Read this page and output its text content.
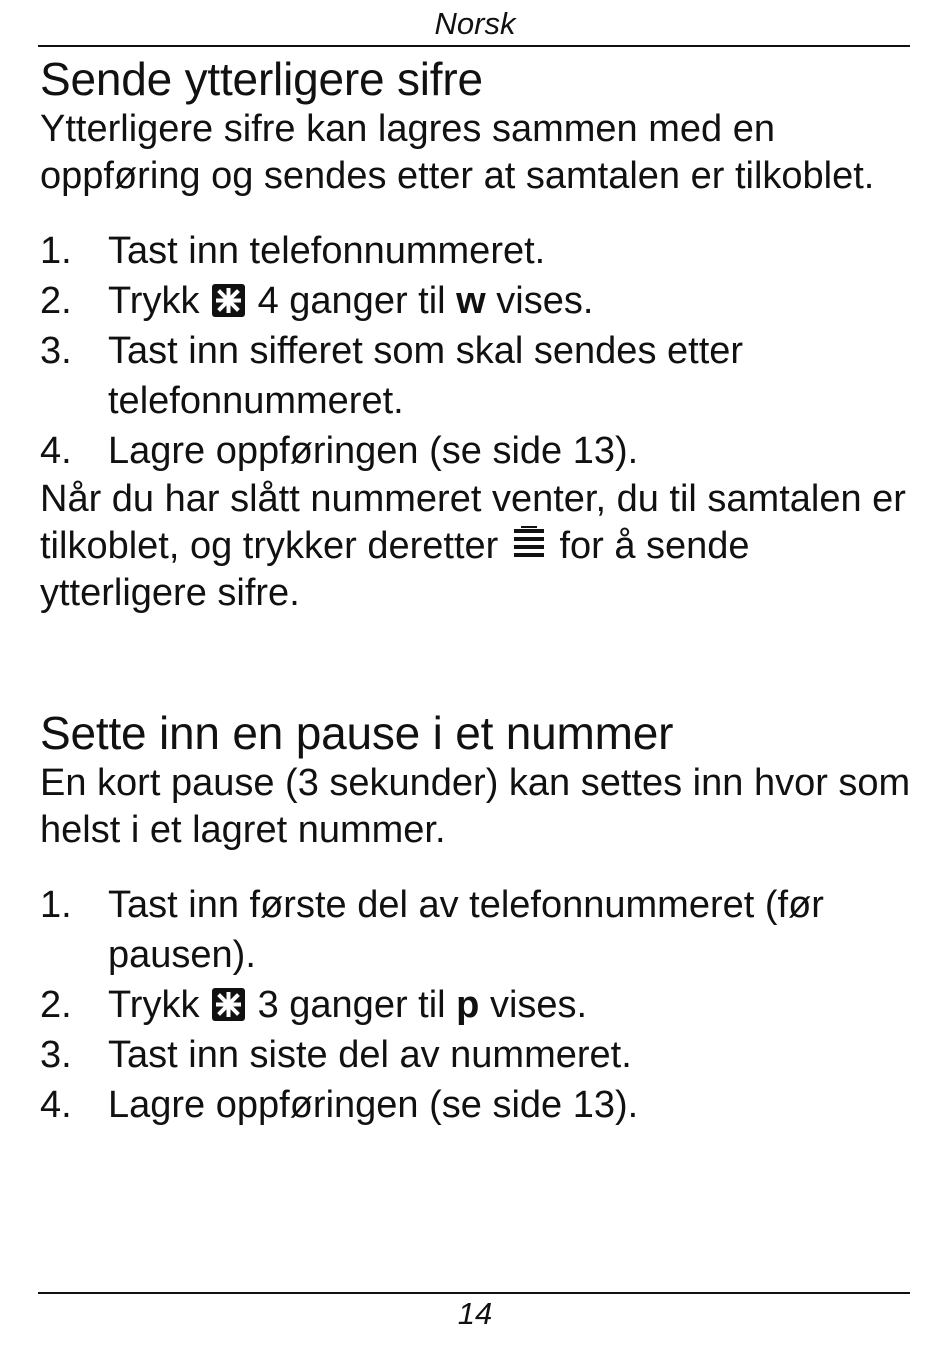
Norsk
Sende ytterligere sifre

Ytterligere sifre kan lagres sammen med en oppføring og sendes etter at samtalen er tilkoblet.

1. Tast inn telefonnummeret.
2. Trykk 4 ganger til w vises.
3. Tast inn sifferet som skal sendes etter telefonnummeret.
4. Lagre oppføringen (se side 13).

Når du har slått nummeret venter, du til samtalen er tilkoblet, og trykker deretter for å sende ytterligere sifre.

Sette inn en pause i et nummer

En kort pause (3 sekunder) kan settes inn hvor som helst i et lagret nummer.

1. Tast inn første del av telefonnummeret (før pausen).
2. Trykk 3 ganger til p vises.
3. Tast inn siste del av nummeret.
4. Lagre oppføringen (se side 13).
14
